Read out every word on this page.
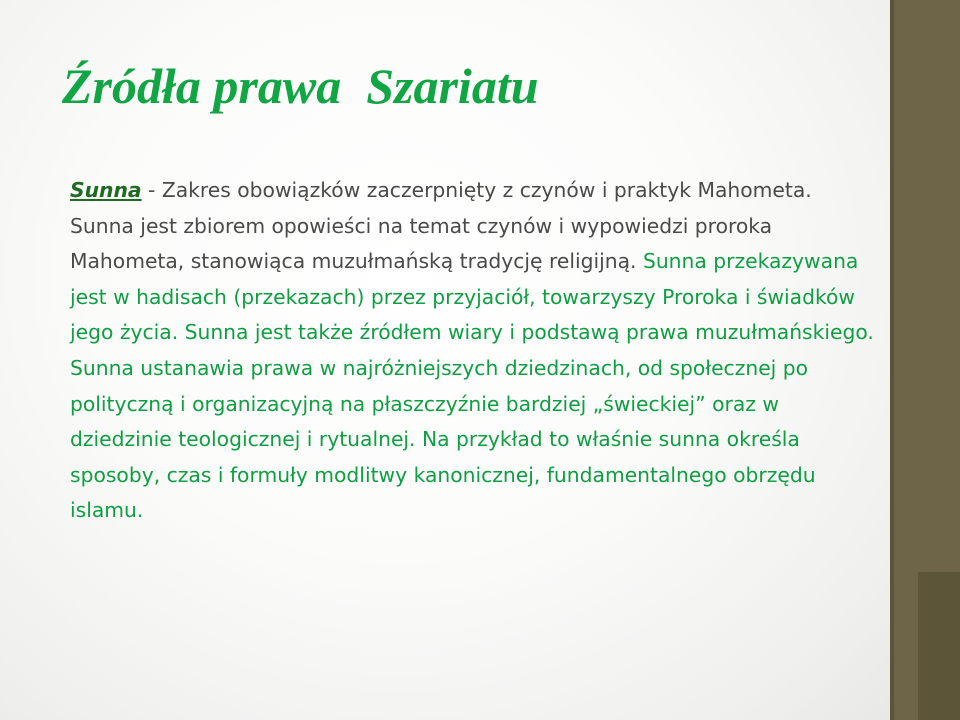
Źródła prawa  Szariatu

Sunna - Zakres obowiązków zaczerpnięty z czynów i praktyk Mahometa. Sunna jest zbiorem opowieści na temat czynów i wypowiedzi proroka Mahometa, stanowiąca muzułmańską tradycję religijną. Sunna przekazywana jest w hadisach (przekazach) przez przyjaciół, towarzyszy Proroka i świadków jego życia. Sunna jest także źródłem wiary i podstawą prawa muzułmańskiego. Sunna ustanawia prawa w najróżniejszych dziedzinach, od społecznej po polityczną i organizacyjną na płaszczyźnie bardziej „świeckiej” oraz w dziedzinie teologicznej i rytualnej. Na przykład to właśnie sunna określa sposoby, czas i formuły modlitwy kanonicznej, fundamentalnego obrzędu islamu.
